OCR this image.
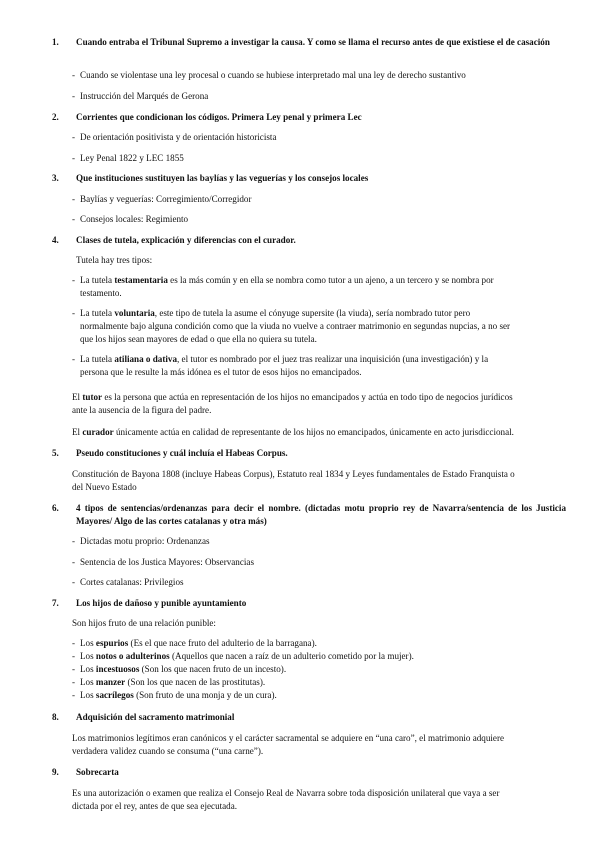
1. Cuando entraba el Tribunal Supremo a investigar la causa. Y como se llama el recurso antes de que existiese el de casación
- Cuando se violentase una ley procesal o cuando se hubiese interpretado mal una ley de derecho sustantivo
- Instrucción del Marqués de Gerona
2. Corrientes que condicionan los códigos. Primera Ley penal y primera Lec
- De orientación positivista y de orientación historicista
- Ley Penal 1822 y LEC 1855
3. Que instituciones sustituyen las baylías y las veguerías y los consejos locales
- Baylías y veguerías: Corregimiento/Corregidor
- Consejos locales: Regimiento
4. Clases de tutela, explicación y diferencias con el curador.
Tutela hay tres tipos:
- La tutela testamentaria es la más común y en ella se nombra como tutor a un ajeno, a un tercero y se nombra por
testamento.
- La tutela voluntaria, este tipo de tutela la asume el cónyuge supersite (la viuda), sería nombrado tutor pero
normalmente bajo alguna condición como que la viuda no vuelve a contraer matrimonio en segundas nupcias, a no ser
que los hijos sean mayores de edad o que ella no quiera su tutela.
- La tutela atiliana o dativa, el tutor es nombrado por el juez tras realizar una inquisición (una investigación) y la
persona que le resulte la más idónea es el tutor de esos hijos no emancipados.
El tutor es la persona que actúa en representación de los hijos no emancipados y actúa en todo tipo de negocios jurídicos
ante la ausencia de la figura del padre.
El curador únicamente actúa en calidad de representante de los hijos no emancipados, únicamente en acto jurisdiccional.
5. Pseudo constituciones y cuál incluía el Habeas Corpus.
Constitución de Bayona 1808 (incluye Habeas Corpus), Estatuto real 1834 y Leyes fundamentales de Estado Franquista o
del Nuevo Estado
6. 4 tipos de sentencias/ordenanzas para decir el nombre. (dictadas motu proprio rey de Navarra/sentencia de los Justicia Mayores/ Algo de las cortes catalanas y otra más)
- Dictadas motu proprio: Ordenanzas
- Sentencia de los Justica Mayores: Observancias
- Cortes catalanas: Privilegios
7. Los hijos de dañoso y punible ayuntamiento
Son hijos fruto de una relación punible:
- Los espurios (Es el que nace fruto del adulterio de la barragana).
- Los notos o adulterinos (Aquellos que nacen a raíz de un adulterio cometido por la mujer).
- Los incestuosos (Son los que nacen fruto de un incesto).
- Los manzer (Son los que nacen de las prostitutas).
- Los sacrílegos (Son fruto de una monja y de un cura).
8. Adquisición del sacramento matrimonial
Los matrimonios legítimos eran canónicos y el carácter sacramental se adquiere en “una caro”, el matrimonio adquiere
verdadera validez cuando se consuma (“una carne”).
9. Sobrecarta
Es una autorización o examen que realiza el Consejo Real de Navarra sobre toda disposición unilateral que vaya a ser
dictada por el rey, antes de que sea ejecutada.
